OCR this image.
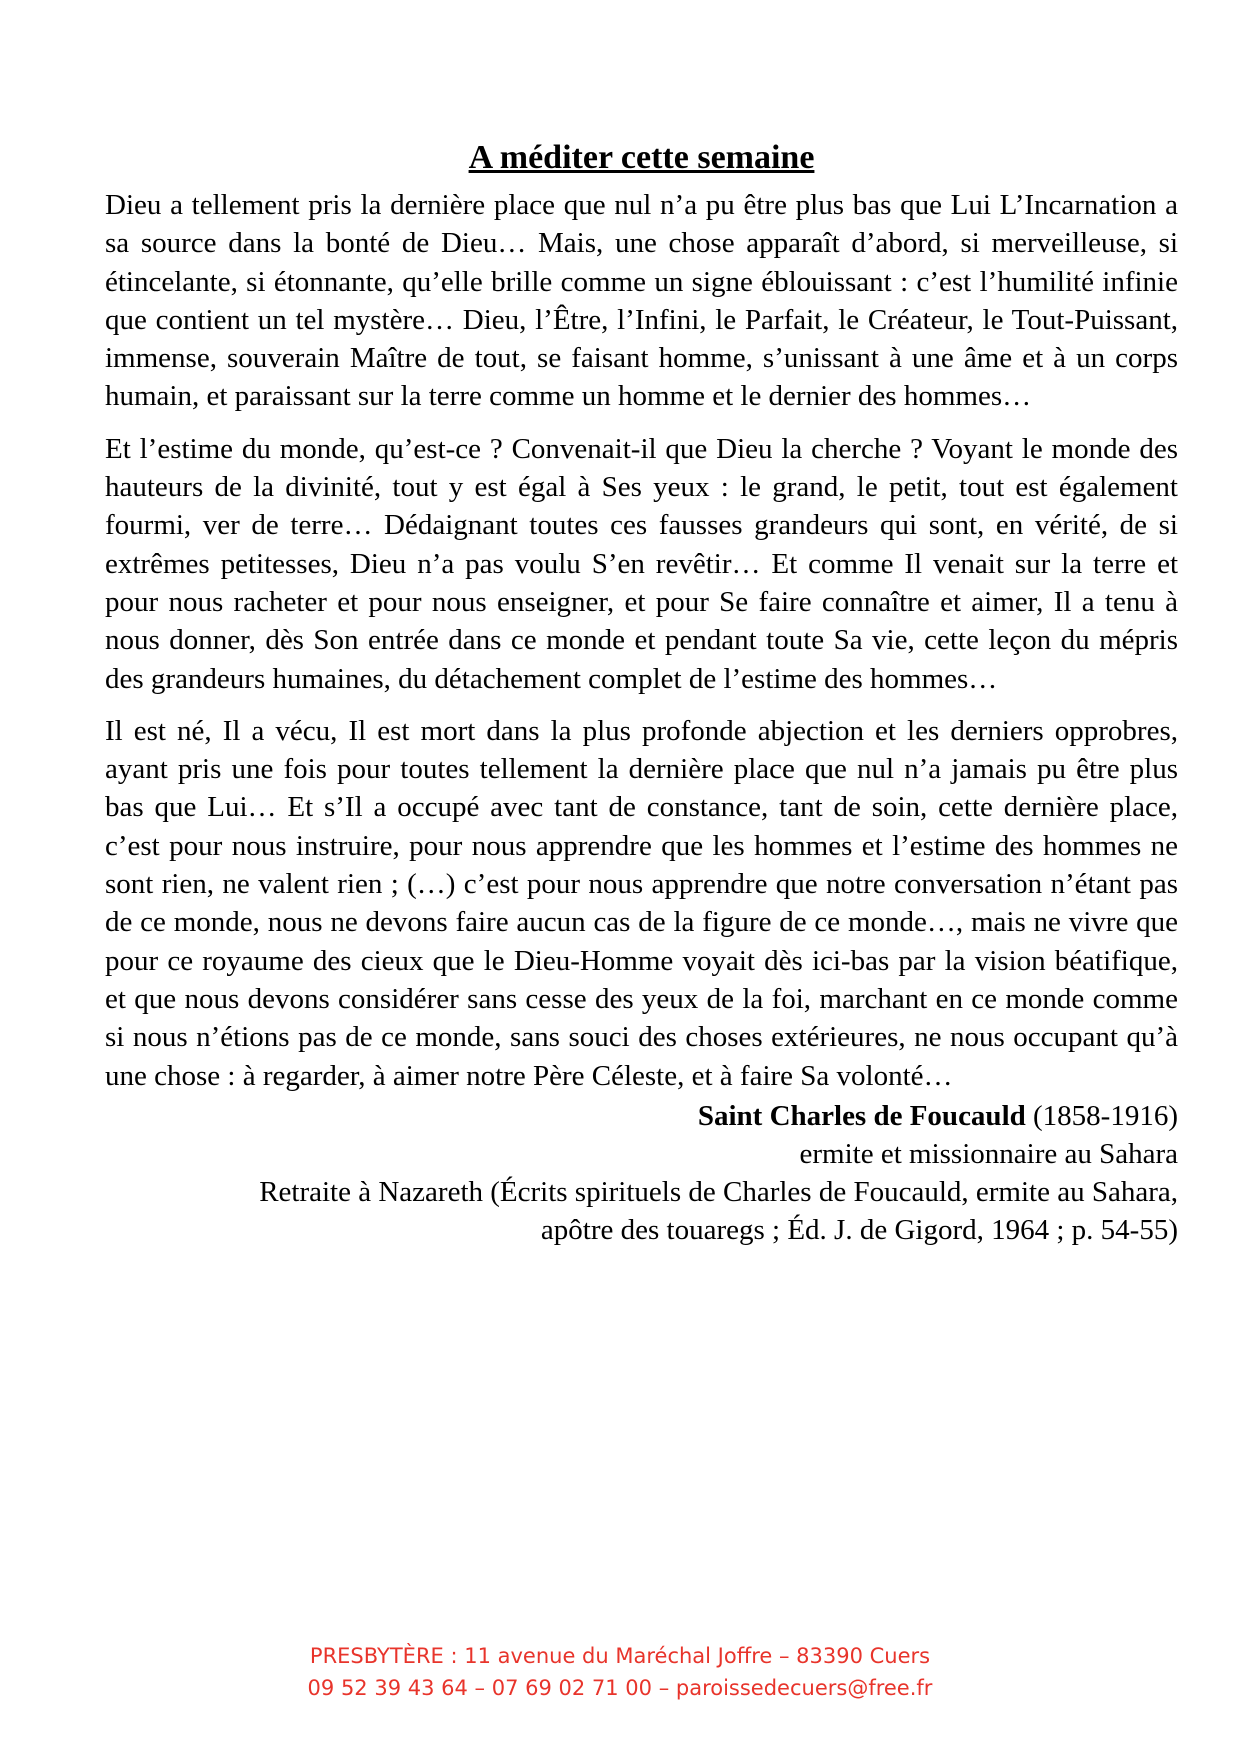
A méditer cette semaine

Dieu a tellement pris la dernière place que nul n’a pu être plus bas que Lui L’Incarnation a sa source dans la bonté de Dieu… Mais, une chose apparaît d’abord, si merveilleuse, si étincelante, si étonnante, qu’elle brille comme un signe éblouissant : c’est l’humilité infinie que contient un tel mystère… Dieu, l’Être, l’Infini, le Parfait, le Créateur, le Tout-Puissant, immense, souverain Maître de tout, se faisant homme, s’unissant à une âme et à un corps humain, et paraissant sur la terre comme un homme et le dernier des hommes…

Et l’estime du monde, qu’est-ce ? Convenait-il que Dieu la cherche ? Voyant le monde des hauteurs de la divinité, tout y est égal à Ses yeux : le grand, le petit, tout est également fourmi, ver de terre… Dédaignant toutes ces fausses grandeurs qui sont, en vérité, de si extrêmes petitesses, Dieu n’a pas voulu S’en revêtir… Et comme Il venait sur la terre et pour nous racheter et pour nous enseigner, et pour Se faire connaître et aimer, Il a tenu à nous donner, dès Son entrée dans ce monde et pendant toute Sa vie, cette leçon du mépris des grandeurs humaines, du détachement complet de l’estime des hommes…

Il est né, Il a vécu, Il est mort dans la plus profonde abjection et les derniers opprobres, ayant pris une fois pour toutes tellement la dernière place que nul n’a jamais pu être plus bas que Lui… Et s’Il a occupé avec tant de constance, tant de soin, cette dernière place, c’est pour nous instruire, pour nous apprendre que les hommes et l’estime des hommes ne sont rien, ne valent rien ; (…) c’est pour nous apprendre que notre conversation n’étant pas de ce monde, nous ne devons faire aucun cas de la figure de ce monde…, mais ne vivre que pour ce royaume des cieux que le Dieu-Homme voyait dès ici-bas par la vision béatifique, et que nous devons considérer sans cesse des yeux de la foi, marchant en ce monde comme si nous n’étions pas de ce monde, sans souci des choses extérieures, ne nous occupant qu’à une chose : à regarder, à aimer notre Père Céleste, et à faire Sa volonté…

Saint Charles de Foucauld (1858-1916)
ermite et missionnaire au Sahara
Retraite à Nazareth (Écrits spirituels de Charles de Foucauld, ermite au Sahara,
apôtre des touaregs ; Éd. J. de Gigord, 1964 ; p. 54-55)
PRESBYTÈRE : 11 avenue du Maréchal Joffre – 83390 Cuers
09 52 39 43 64 – 07 69 02 71 00 – paroissedecuers@free.fr
